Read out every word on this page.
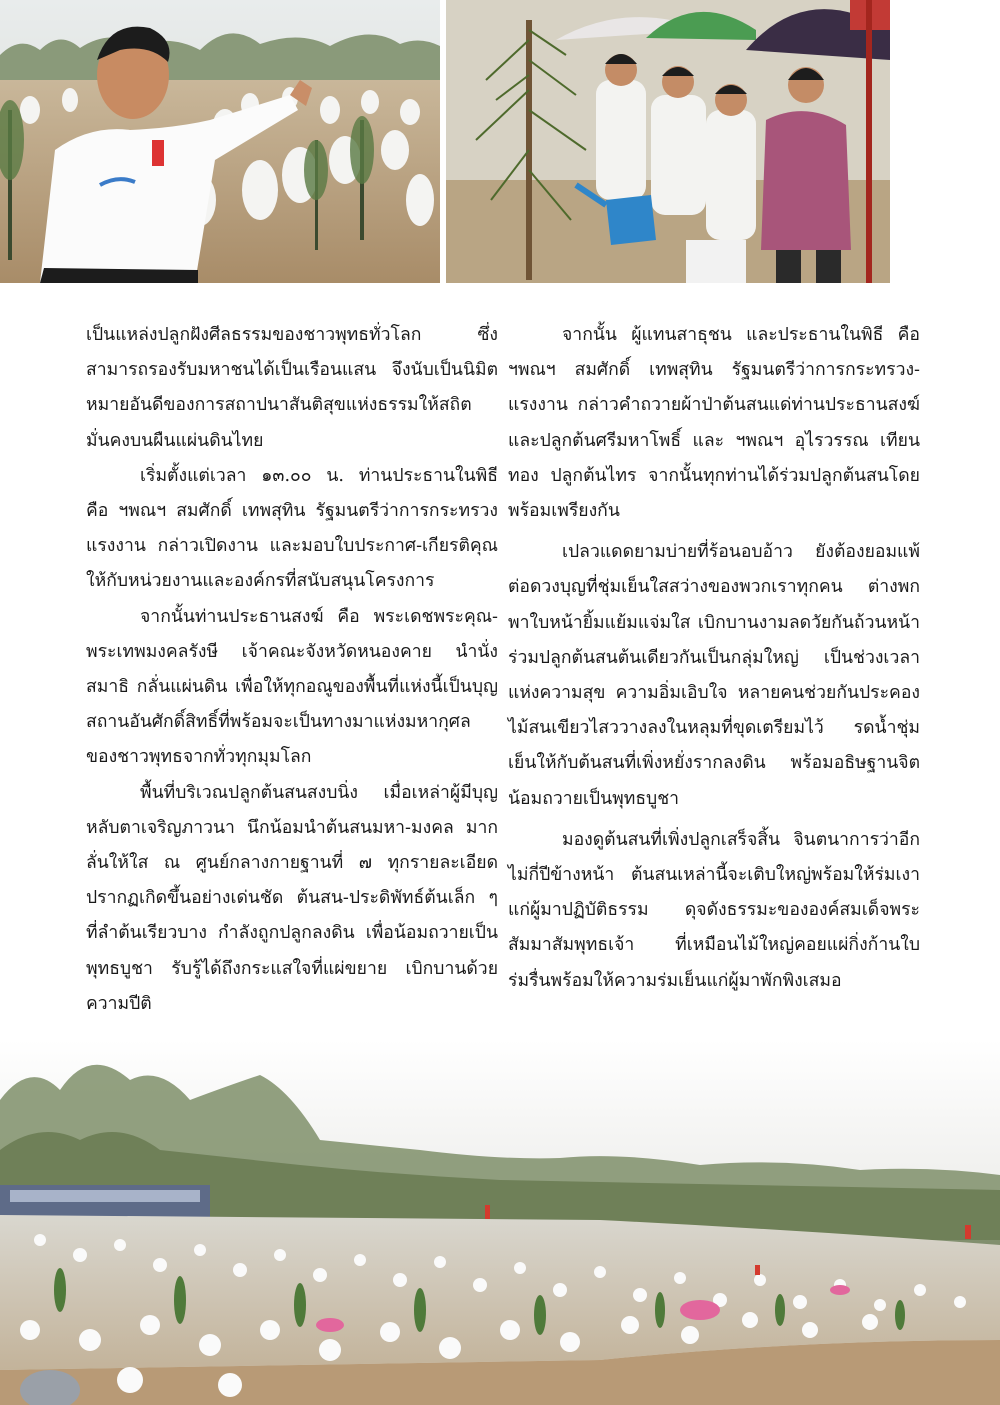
เป็นแหล่งปลูกฝังศีลธรรมของชาวพุทธทั่วโลก ซึ่งสามารถรองรับมหาชนได้เป็นเรือนแสน จึงนับเป็นนิมิตหมายอันดีของการสถาปนาสันติสุขแห่งธรรมให้สถิตมั่นคงบนผืนแผ่นดินไทย

เริ่มตั้งแต่เวลา ๑๓.๐๐ น. ท่านประธานในพิธี คือ ฯพณฯ สมศักดิ์ เทพสุทิน รัฐมนตรีว่าการกระทรวงแรงงาน กล่าวเปิดงาน และมอบใบประกาศ-เกียรติคุณให้กับหน่วยงานและองค์กรที่สนับสนุนโครงการ

จากนั้นท่านประธานสงฆ์ คือ พระเดชพระคุณ-พระเทพมงคลรังษี เจ้าคณะจังหวัดหนองคาย นำนั่งสมาธิ กลั่นแผ่นดิน เพื่อให้ทุกอณูของพื้นที่แห่งนี้เป็นบุญสถานอันศักดิ์สิทธิ์ที่พร้อมจะเป็นทางมาแห่งมหากุศลของชาวพุทธจากทั่วทุกมุมโลก

พื้นที่บริเวณปลูกต้นสนสงบนิ่ง เมื่อเหล่าผู้มีบุญหลับตาเจริญภาวนา นึกน้อมนำต้นสนมหา-มงคล มากลั่นให้ใส ณ ศูนย์กลางกายฐานที่ ๗ ทุกรายละเอียดปรากฏเกิดขึ้นอย่างเด่นชัด ต้นสน-ประดิพัทธ์ต้นเล็ก ๆ ที่ลำต้นเรียวบาง กำลังถูกปลูกลงดิน เพื่อน้อมถวายเป็นพุทธบูชา รับรู้ได้ถึงกระแสใจที่แผ่ขยาย เบิกบานด้วยความปีติ

จากนั้น ผู้แทนสาธุชน และประธานในพิธี คือ ฯพณฯ สมศักดิ์ เทพสุทิน รัฐมนตรีว่าการกระทรวง-แรงงาน กล่าวคำถวายผ้าป่าต้นสนแด่ท่านประธานสงฆ์ และปลูกต้นศรีมหาโพธิ์ และ ฯพณฯ อุไรวรรณ เทียนทอง ปลูกต้นไทร จากนั้นทุกท่านได้ร่วมปลูกต้นสนโดยพร้อมเพรียงกัน

เปลวแดดยามบ่ายที่ร้อนอบอ้าว ยังต้องยอมแพ้ต่อดวงบุญที่ชุ่มเย็นใสสว่างของพวกเราทุกคน ต่างพกพาใบหน้ายิ้มแย้มแจ่มใส เบิกบานงามลดวัยกันถ้วนหน้า ร่วมปลูกต้นสนต้นเดียวกันเป็นกลุ่มใหญ่ เป็นช่วงเวลาแห่งความสุข ความอิ่มเอิบใจ หลายคนช่วยกันประคองไม้สนเขียวไสววางลงในหลุมที่ขุดเตรียมไว้ รดน้ำชุ่มเย็นให้กับต้นสนที่เพิ่งหยั่งรากลงดิน พร้อมอธิษฐานจิตน้อมถวายเป็นพุทธบูชา

มองดูต้นสนที่เพิ่งปลูกเสร็จสิ้น จินตนาการว่าอีกไม่กี่ปีข้างหน้า ต้นสนเหล่านี้จะเติบใหญ่พร้อมให้ร่มเงาแก่ผู้มาปฏิบัติธรรม ดุจดังธรรมะขององค์สมเด็จพระสัมมาสัมพุทธเจ้า ที่เหมือนไม้ใหญ่คอยแผ่กิ่งก้านใบร่มรื่นพร้อมให้ความร่มเย็นแก่ผู้มาพักพิงเสมอ
